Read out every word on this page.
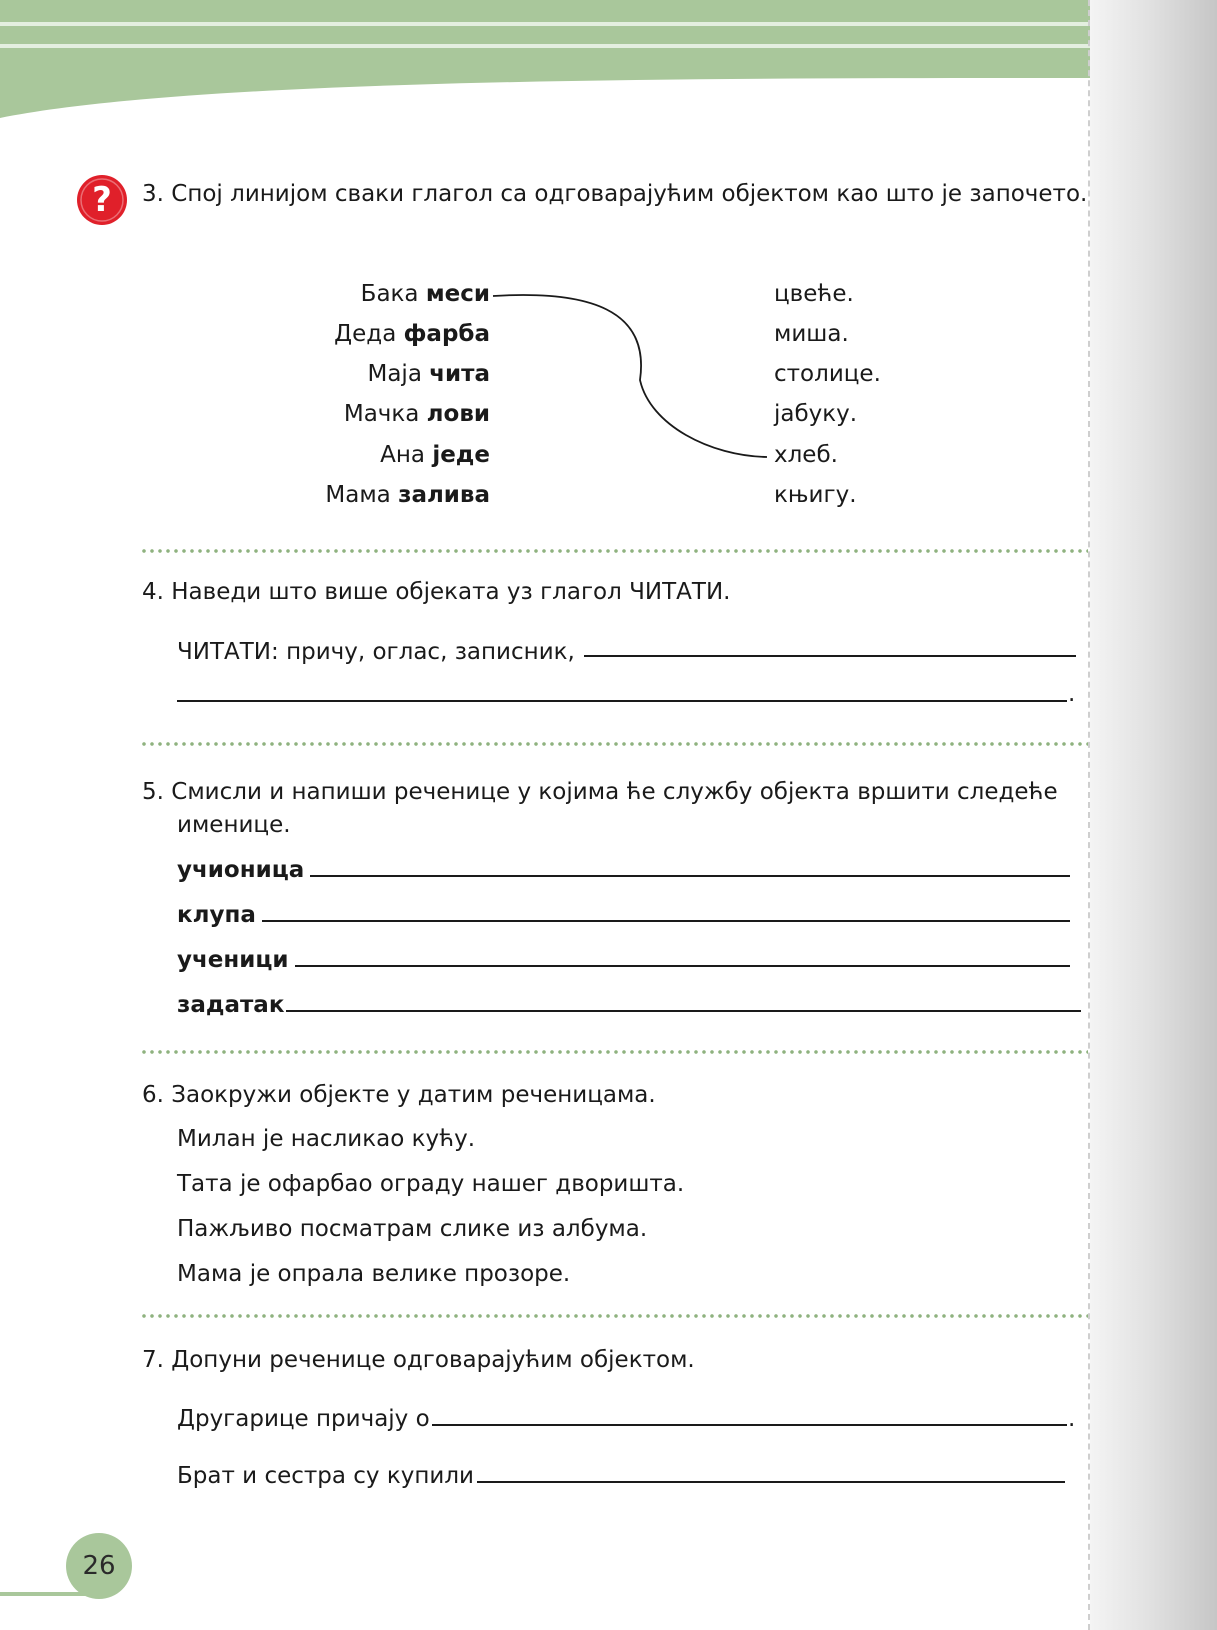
? 3. Спој линијом сваки глагол са одговарајућим објектом као што је започето.
Бака меси
Деда фарба
Маја чита
Мачка лови
Ана једе
Мама залива
цвеће.
миша.
столице.
јабуку.
хлеб.
књигу.
4. Наведи што више објеката уз глагол ЧИТАТИ.
ЧИТАТИ: причу, оглас, записник,
.
5. Смисли и напиши реченице у којима ће службу објекта вршити следеће
именице.
учионица
клупа
ученици
задатак
6. Заокружи објекте у датим реченицама.
Милан је насликао кућу.
Тата је офарбао ограду нашег дворишта.
Пажљиво посматрам слике из албума.
Мама је опрала велике прозоре.
7. Допуни реченице одговарајућим објектом.
Другарице причају о	.
Брат и сестра су купили
26
